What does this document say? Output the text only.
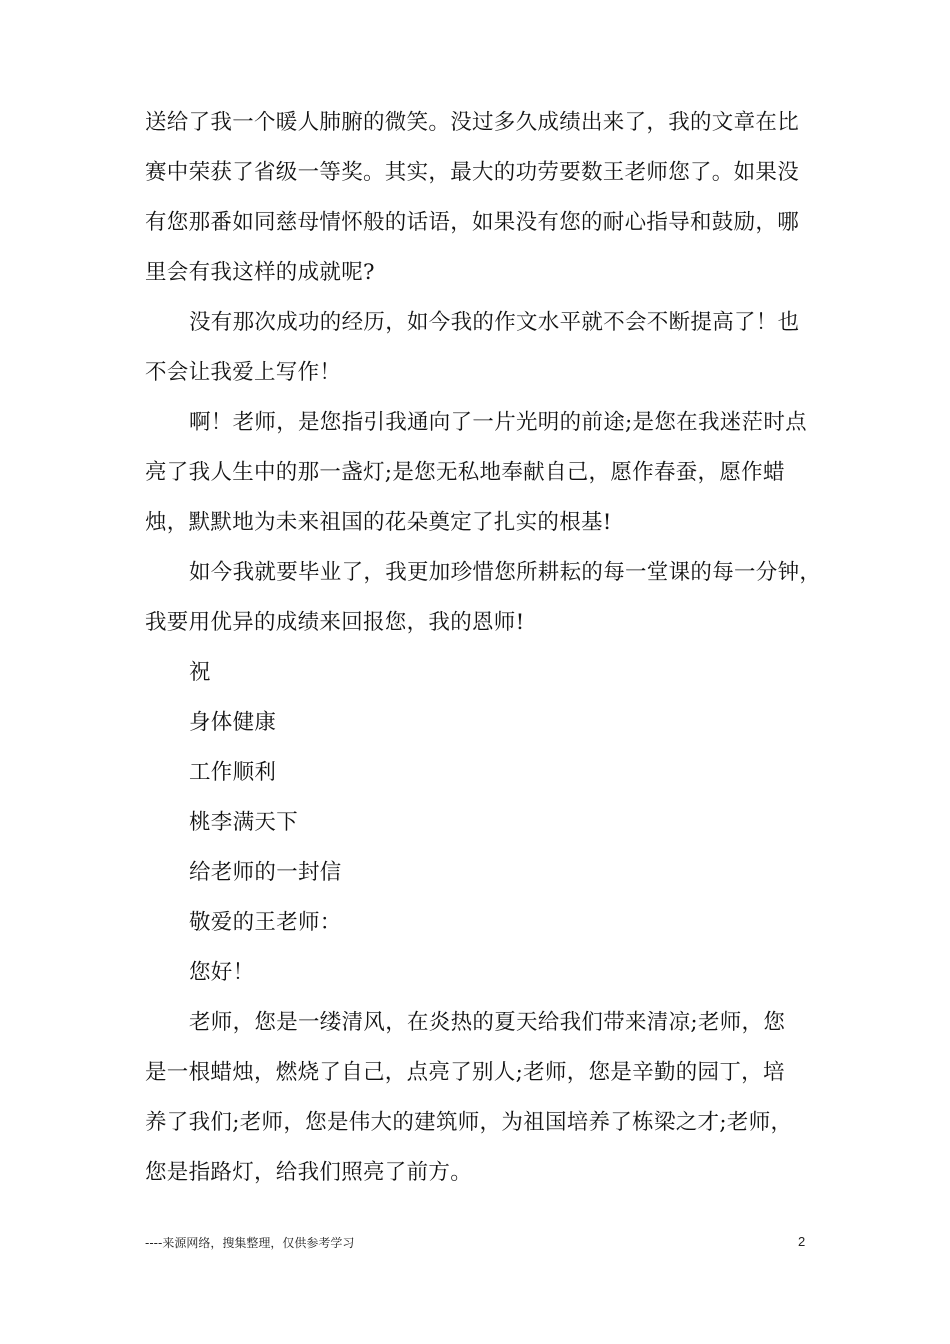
送给了我一个暖人肺腑的微笑。没过多久成绩出来了，我的文章在比
赛中荣获了省级一等奖。其实，最大的功劳要数王老师您了。如果没
有您那番如同慈母情怀般的话语，如果没有您的耐心指导和鼓励，哪
里会有我这样的成就呢?
没有那次成功的经历，如今我的作文水平就不会不断提高了！也
不会让我爱上写作！
啊！老师，是您指引我通向了一片光明的前途;是您在我迷茫时点
亮了我人生中的那一盏灯;是您无私地奉献自己，愿作春蚕，愿作蜡
烛，默默地为未来祖国的花朵奠定了扎实的根基!
如今我就要毕业了，我更加珍惜您所耕耘的每一堂课的每一分钟，
我要用优异的成绩来回报您，我的恩师!
祝
身体健康
工作顺利
桃李满天下
给老师的一封信
敬爱的王老师：
您好！
老师，您是一缕清风，在炎热的夏天给我们带来清凉;老师，您
是一根蜡烛，燃烧了自己，点亮了别人;老师，您是辛勤的园丁，培
养了我们;老师，您是伟大的建筑师，为祖国培养了栋梁之才;老师，
您是指路灯，给我们照亮了前方。
----来源网络，搜集整理，仅供参考学习	2
